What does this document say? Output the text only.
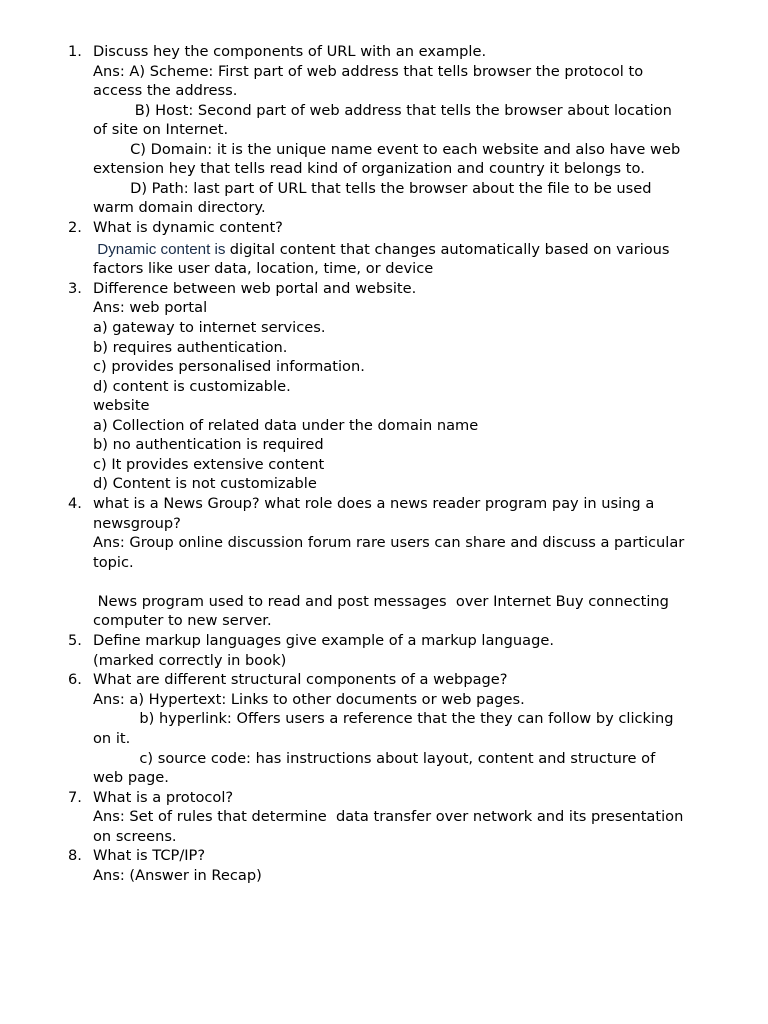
1. Discuss hey the components of URL with an example.
Ans: A) Scheme: First part of web address that tells browser the protocol to
access the address.
B) Host: Second part of web address that tells the browser about location
of site on Internet.
C) Domain: it is the unique name event to each website and also have web
extension hey that tells read kind of organization and country it belongs to.
D) Path: last part of URL that tells the browser about the file to be used
warm domain directory.
2. What is dynamic content?
Dynamic content is digital content that changes automatically based on various
factors like user data, location, time, or device
3. Difference between web portal and website.
Ans: web portal
a) gateway to internet services.
b) requires authentication.
c) provides personalised information.
d) content is customizable.
website
a) Collection of related data under the domain name
b) no authentication is required
c) It provides extensive content
d) Content is not customizable
4. what is a News Group? what role does a news reader program pay in using a
newsgroup?
Ans: Group online discussion forum rare users can share and discuss a particular
topic.
News program used to read and post messages  over Internet Buy connecting
computer to new server.
5. Define markup languages give example of a markup language.
(marked correctly in book)
6. What are different structural components of a webpage?
Ans: a) Hypertext: Links to other documents or web pages.
b) hyperlink: Offers users a reference that the they can follow by clicking
on it.
c) source code: has instructions about layout, content and structure of
web page.
7. What is a protocol?
Ans: Set of rules that determine  data transfer over network and its presentation
on screens.
8. What is TCP/IP?
Ans: (Answer in Recap)
